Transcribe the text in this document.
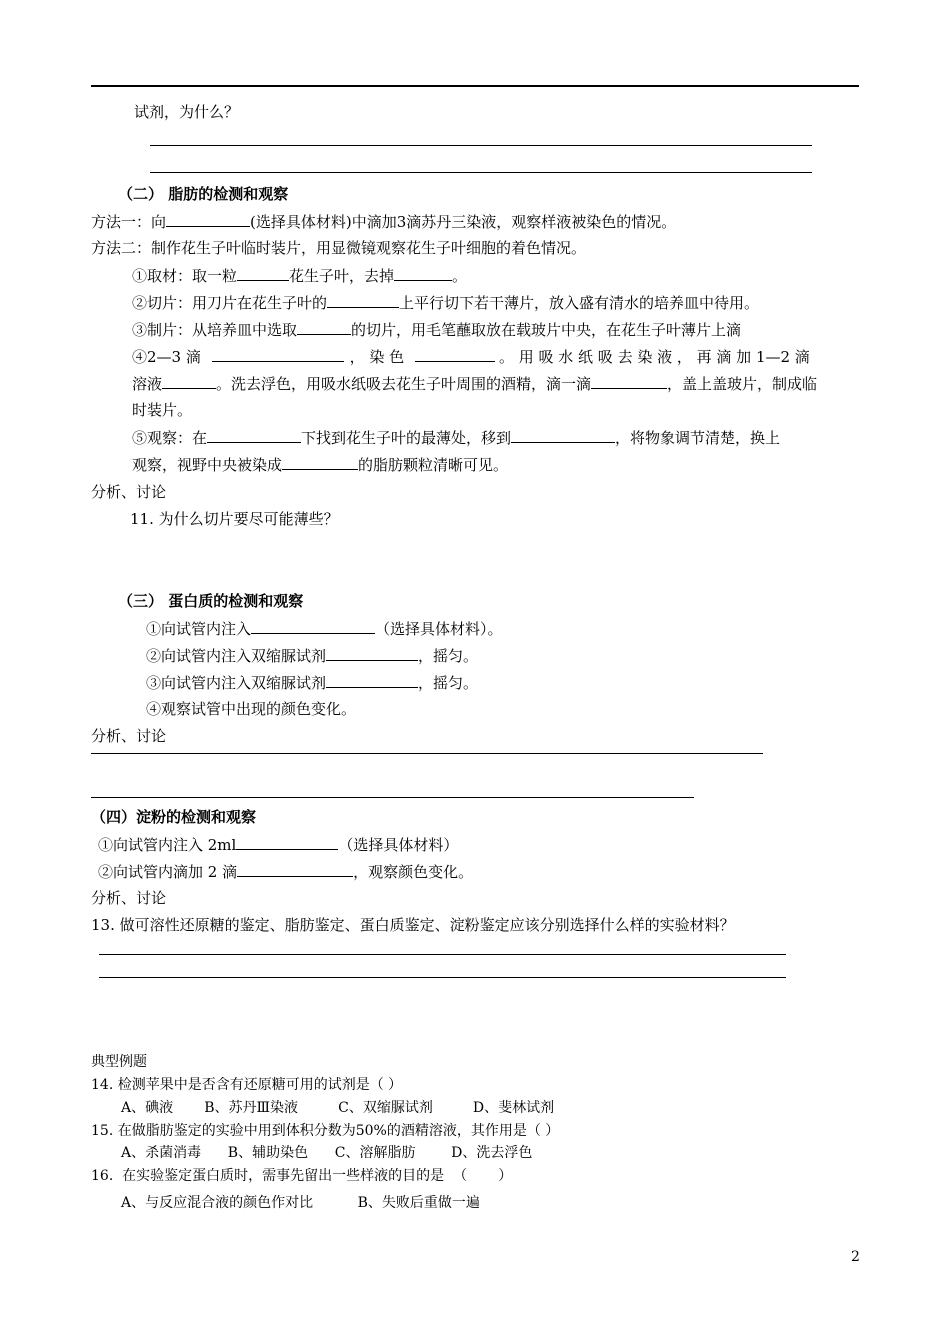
试剂，为什么？
（二） 脂肪的检测和观察
方法一：向	(选择具体材料)中滴加3滴苏丹三染液，观察样液被染色的情况。
方法二：制作花生子叶临时装片，用显微镜观察花生子叶细胞的着色情况。
①取材：取一粒	花生子叶，去掉	。
②切片：用刀片在花生子叶的	上平行切下若干薄片，放入盛有清水的培养皿中待用。
③制片：从培养皿中选取	的切片，用毛笔蘸取放在载玻片中央，在花生子叶薄片上滴
④2—3 滴	， 染 色	。 用 吸 水 纸 吸 去 染 液 ， 再 滴 加 1—2 滴
溶液	。洗去浮色，用吸水纸吸去花生子叶周围的酒精，滴一滴	，盖上盖玻片，制成临
时装片。
⑤观察：在	下找到花生子叶的最薄处，移到	，将物象调节清楚，换上
观察，视野中央被染成	的脂肪颗粒清晰可见。
分析、讨论
11. 为什么切片要尽可能薄些？
（三） 蛋白质的检测和观察
①向试管内注入	（选择具体材料）。
②向试管内注入双缩脲试剂	，摇匀。
③向试管内注入双缩脲试剂	，摇匀。
④观察试管中出现的颜色变化。
分析、讨论
（四）淀粉的检测和观察
①向试管内注入 2ml	（选择具体材料）
②向试管内滴加 2 滴	，观察颜色变化。
分析、讨论
13. 做可溶性还原糖的鉴定、脂肪鉴定、蛋白质鉴定、淀粉鉴定应该分别选择什么样的实验材料？
典型例题
14. 检测苹果中是否含有还原糖可用的试剂是（ ）
A、碘液       B、苏丹Ⅲ染液         C、双缩脲试剂         D、斐林试剂
15. 在做脂肪鉴定的实验中用到体积分数为50%的酒精溶液，其作用是（ ）
A、杀菌消毒      B、辅助染色      C、溶解脂肪        D、洗去浮色
16.  在实验鉴定蛋白质时，需事先留出一些样液的目的是  （       ）
A、与反应混合液的颜色作对比          B、失败后重做一遍
2
